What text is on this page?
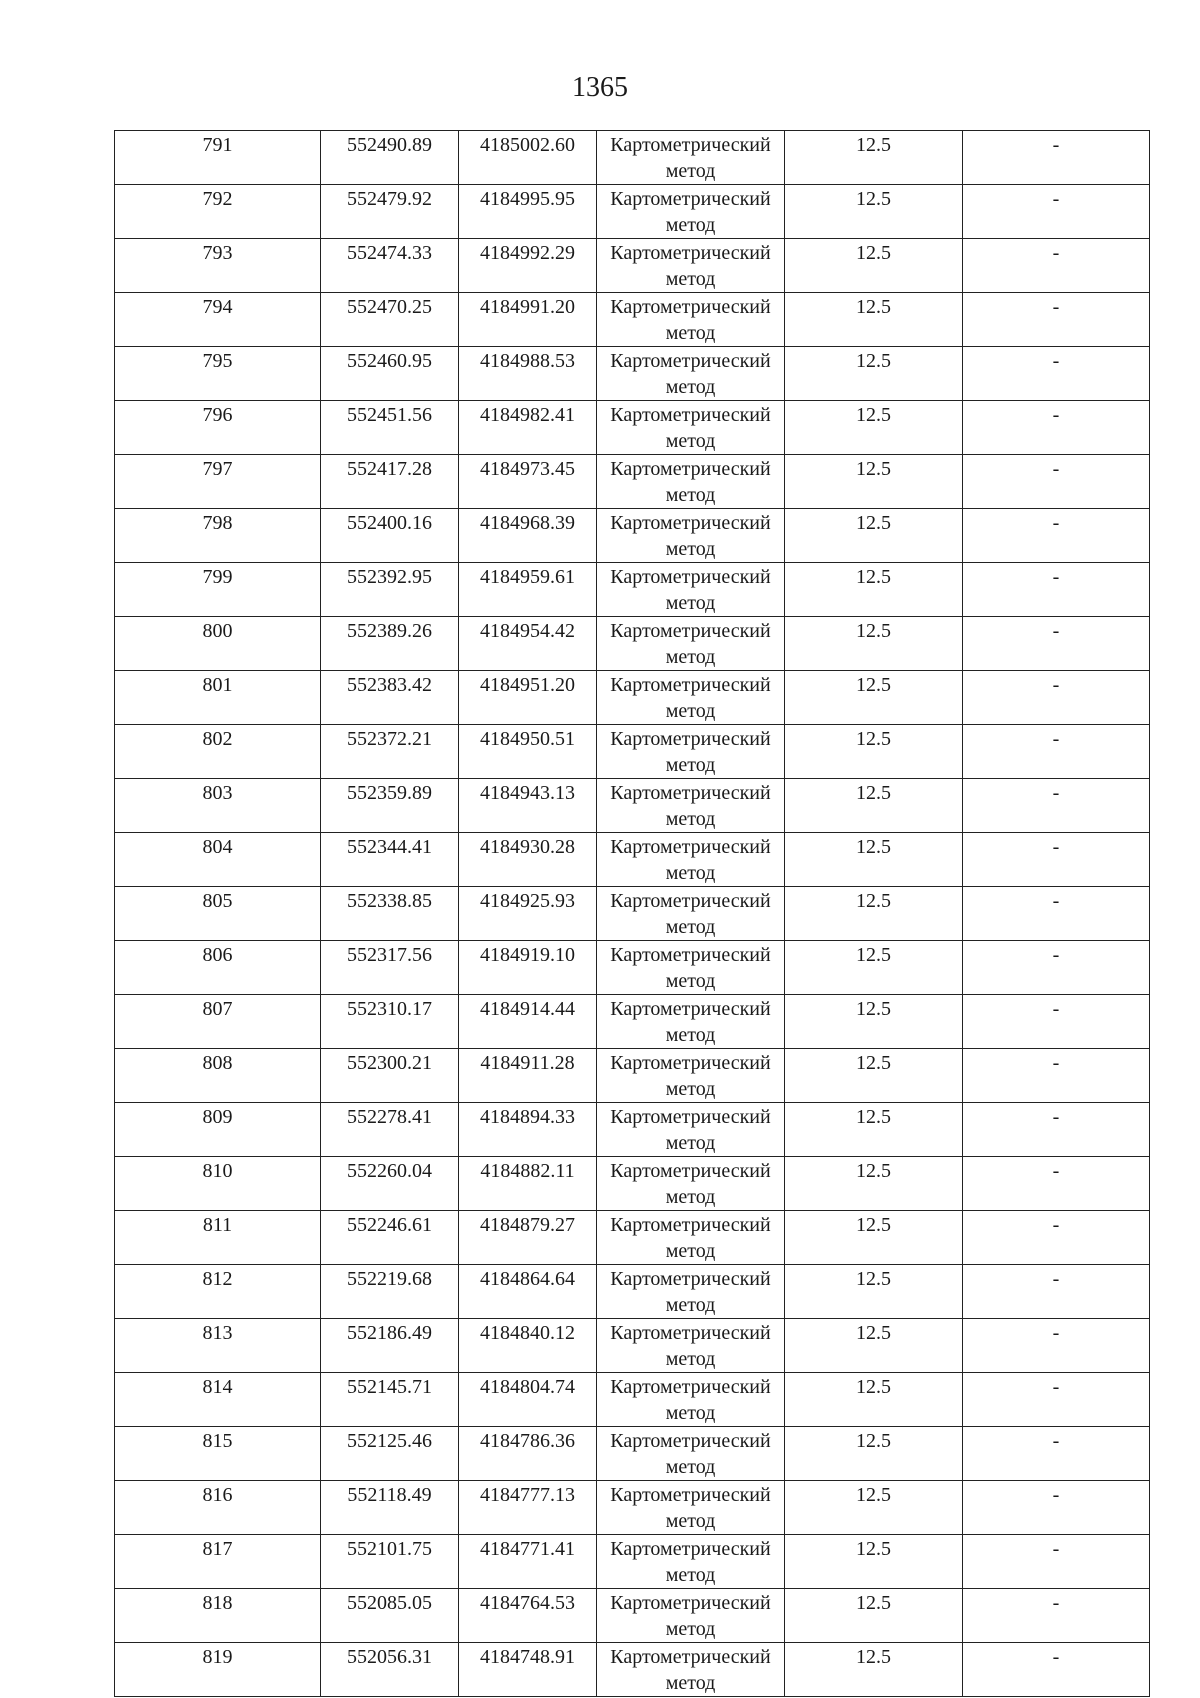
1365
791	552490.89	4185002.60	Картометрический метод	12.5	-
792	552479.92	4184995.95	Картометрический метод	12.5	-
793	552474.33	4184992.29	Картометрический метод	12.5	-
794	552470.25	4184991.20	Картометрический метод	12.5	-
795	552460.95	4184988.53	Картометрический метод	12.5	-
796	552451.56	4184982.41	Картометрический метод	12.5	-
797	552417.28	4184973.45	Картометрический метод	12.5	-
798	552400.16	4184968.39	Картометрический метод	12.5	-
799	552392.95	4184959.61	Картометрический метод	12.5	-
800	552389.26	4184954.42	Картометрический метод	12.5	-
801	552383.42	4184951.20	Картометрический метод	12.5	-
802	552372.21	4184950.51	Картометрический метод	12.5	-
803	552359.89	4184943.13	Картометрический метод	12.5	-
804	552344.41	4184930.28	Картометрический метод	12.5	-
805	552338.85	4184925.93	Картометрический метод	12.5	-
806	552317.56	4184919.10	Картометрический метод	12.5	-
807	552310.17	4184914.44	Картометрический метод	12.5	-
808	552300.21	4184911.28	Картометрический метод	12.5	-
809	552278.41	4184894.33	Картометрический метод	12.5	-
810	552260.04	4184882.11	Картометрический метод	12.5	-
811	552246.61	4184879.27	Картометрический метод	12.5	-
812	552219.68	4184864.64	Картометрический метод	12.5	-
813	552186.49	4184840.12	Картометрический метод	12.5	-
814	552145.71	4184804.74	Картометрический метод	12.5	-
815	552125.46	4184786.36	Картометрический метод	12.5	-
816	552118.49	4184777.13	Картометрический метод	12.5	-
817	552101.75	4184771.41	Картометрический метод	12.5	-
818	552085.05	4184764.53	Картометрический метод	12.5	-
819	552056.31	4184748.91	Картометрический метод	12.5	-
